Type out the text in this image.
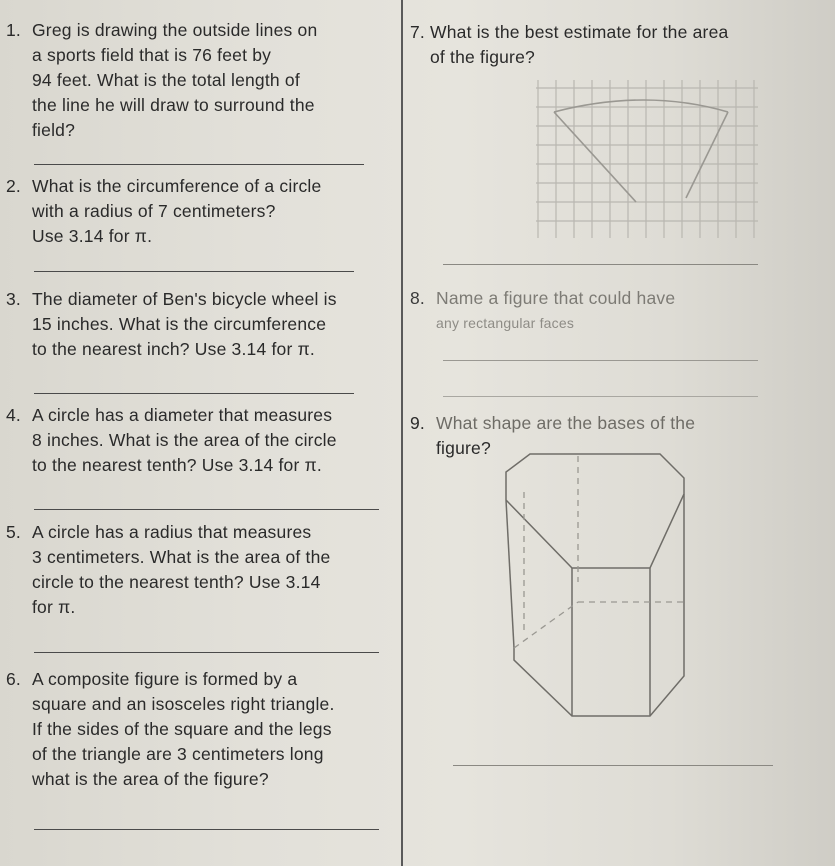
1. Greg is drawing the outside lines on
a sports field that is 76 feet by
94 feet. What is the total length of
the line he will draw to surround the
field?
2. What is the circumference of a circle
with a radius of 7 centimeters?
Use 3.14 for π.
3. The diameter of Ben's bicycle wheel is
15 inches. What is the circumference
to the nearest inch? Use 3.14 for π.
4. A circle has a diameter that measures
8 inches. What is the area of the circle
to the nearest tenth? Use 3.14 for π.
5. A circle has a radius that measures
3 centimeters. What is the area of the
circle to the nearest tenth? Use 3.14
for π.
6. A composite figure is formed by a
square and an isosceles right triangle.
If the sides of the square and the legs
of the triangle are 3 centimeters long
what is the area of the figure?
7. What is the best estimate for the area
of the figure?
8. Name a figure that could have
any rectangular faces
9. What shape are the bases of the
figure?
